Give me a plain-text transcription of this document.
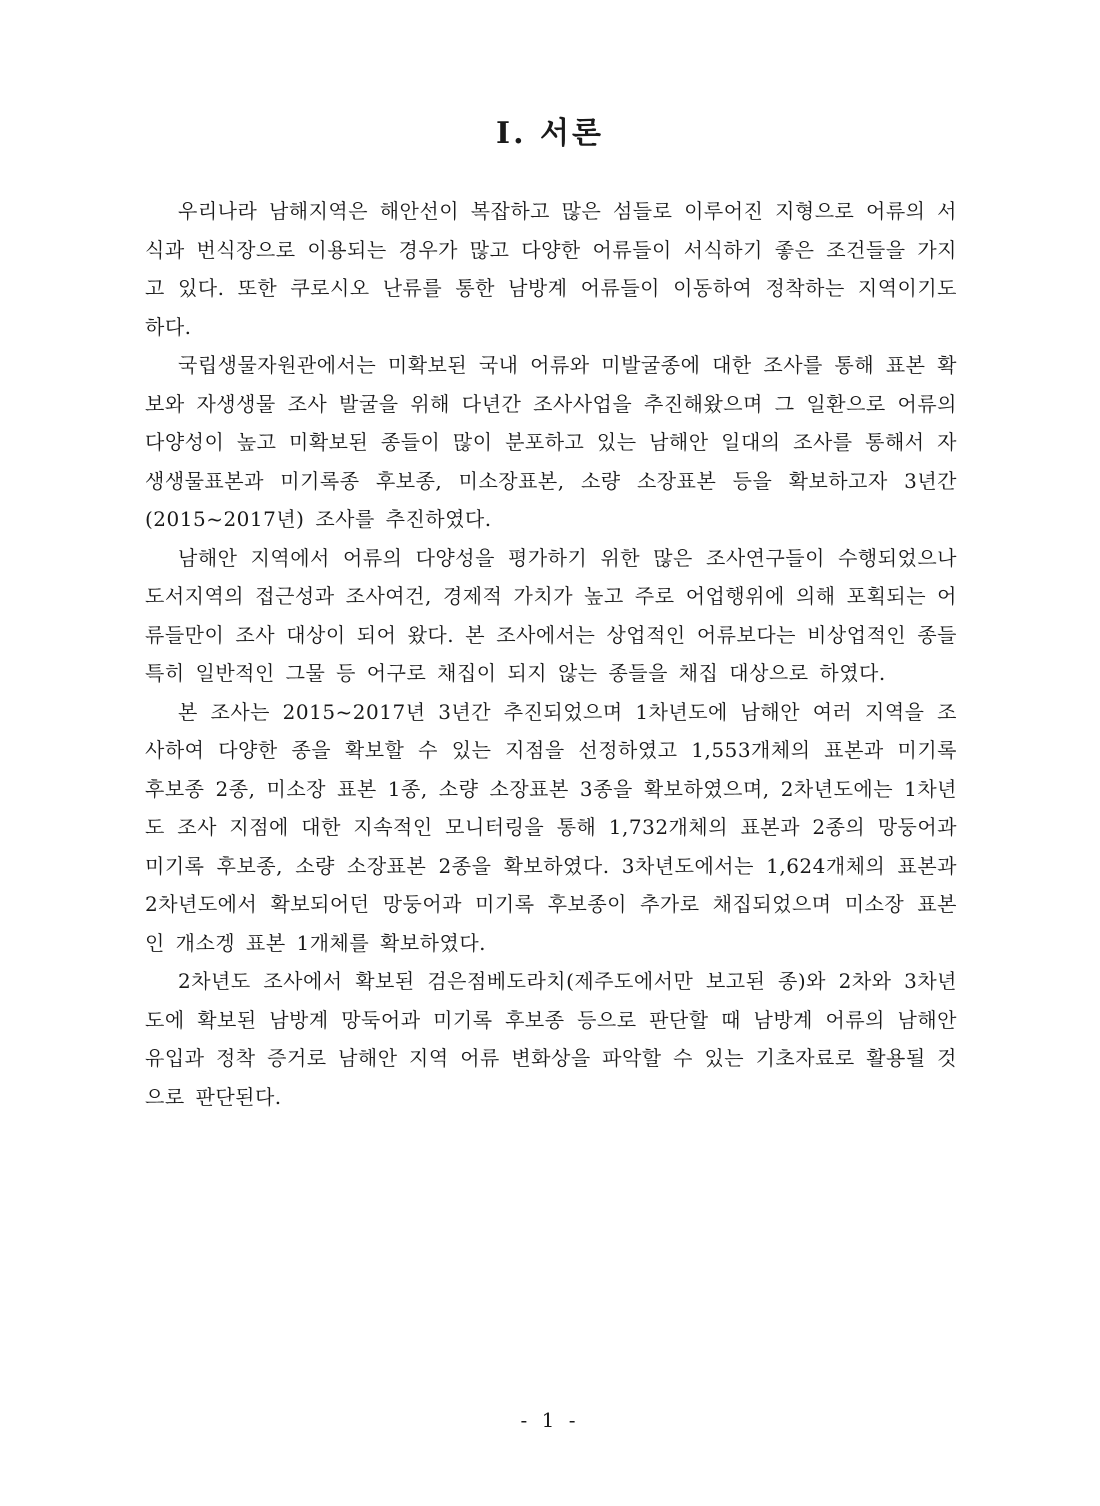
I. 서론

우리나라 남해지역은 해안선이 복잡하고 많은 섬들로 이루어진 지형으로 어류의 서식과 번식장으로 이용되는 경우가 많고 다양한 어류들이 서식하기 좋은 조건들을 가지고 있다. 또한 쿠로시오 난류를 통한 남방계 어류들이 이동하여 정착하는 지역이기도 하다.

국립생물자원관에서는 미확보된 국내 어류와 미발굴종에 대한 조사를 통해 표본 확보와 자생생물 조사 발굴을 위해 다년간 조사사업을 추진해왔으며 그 일환으로 어류의 다양성이 높고 미확보된 종들이 많이 분포하고 있는 남해안 일대의 조사를 통해서 자생생물표본과 미기록종 후보종, 미소장표본, 소량 소장표본 등을 확보하고자 3년간(2015~2017년) 조사를 추진하였다.

남해안 지역에서 어류의 다양성을 평가하기 위한 많은 조사연구들이 수행되었으나 도서지역의 접근성과 조사여건, 경제적 가치가 높고 주로 어업행위에 의해 포획되는 어류들만이 조사 대상이 되어 왔다. 본 조사에서는 상업적인 어류보다는 비상업적인 종들 특히 일반적인 그물 등 어구로 채집이 되지 않는 종들을 채집 대상으로 하였다.

본 조사는 2015~2017년 3년간 추진되었으며 1차년도에 남해안 여러 지역을 조사하여 다양한 종을 확보할 수 있는 지점을 선정하였고 1,553개체의 표본과 미기록 후보종 2종, 미소장 표본 1종, 소량 소장표본 3종을 확보하였으며, 2차년도에는 1차년도 조사 지점에 대한 지속적인 모니터링을 통해 1,732개체의 표본과 2종의 망둥어과 미기록 후보종, 소량 소장표본 2종을 확보하였다. 3차년도에서는 1,624개체의 표본과 2차년도에서 확보되어던 망둥어과 미기록 후보종이 추가로 채집되었으며 미소장 표본인 개소겡 표본 1개체를 확보하였다.

2차년도 조사에서 확보된 검은점베도라치(제주도에서만 보고된 종)와 2차와 3차년도에 확보된 남방계 망둑어과 미기록 후보종 등으로 판단할 때 남방계 어류의 남해안 유입과 정착 증거로 남해안 지역 어류 변화상을 파악할 수 있는 기초자료로 활용될 것으로 판단된다.

- 1 -
